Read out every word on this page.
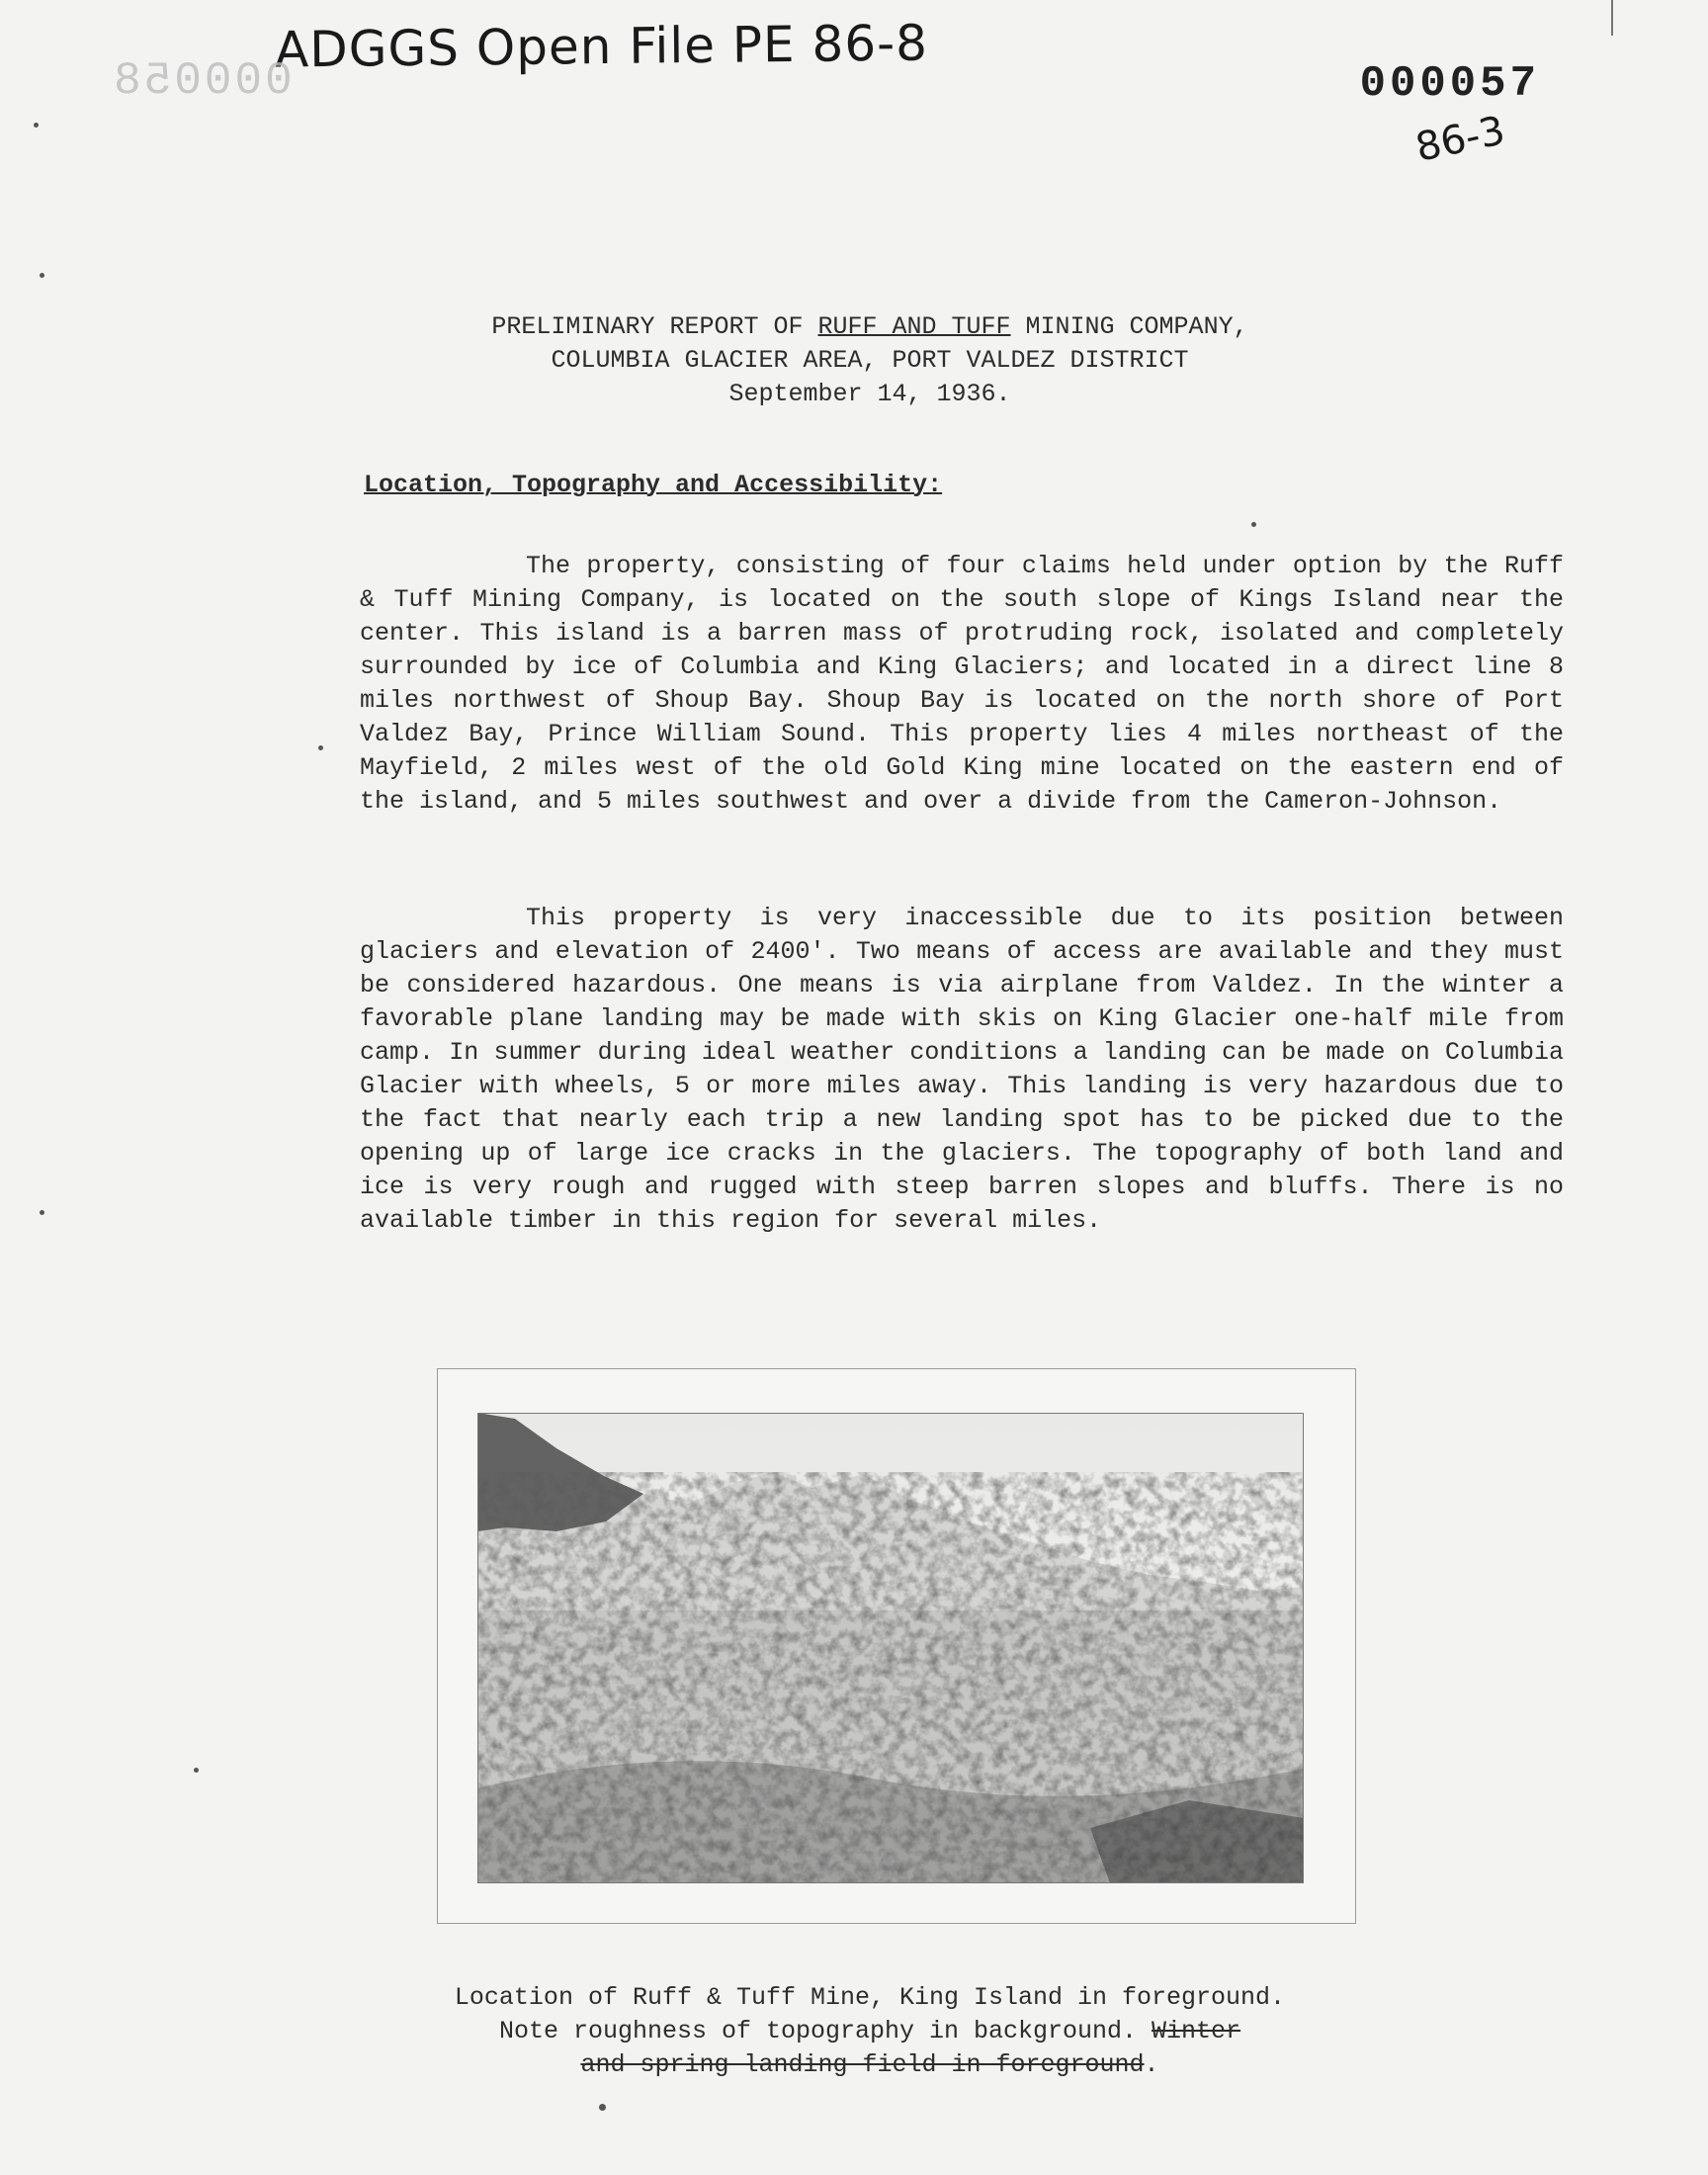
ADGGS Open File PE 86-8
000058	000057
86-3
PRELIMINARY REPORT OF RUFF AND TUFF MINING COMPANY,
COLUMBIA GLACIER AREA, PORT VALDEZ DISTRICT
September 14, 1936.
Location, Topography and Accessibility:

The property, consisting of four claims held under option by the Ruff & Tuff Mining Company, is located on the south slope of Kings Island near the center. This island is a barren mass of protruding rock, isolated and completely surrounded by ice of Columbia and King Glaciers; and located in a direct line 8 miles northwest of Shoup Bay. Shoup Bay is located on the north shore of Port Valdez Bay, Prince William Sound. This property lies 4 miles northeast of the Mayfield, 2 miles west of the old Gold King mine located on the eastern end of the island, and 5 miles southwest and over a divide from the Cameron-Johnson.

This property is very inaccessible due to its position between glaciers and elevation of 2400'. Two means of access are available and they must be considered hazardous. One means is via airplane from Valdez. In the winter a favorable plane landing may be made with skis on King Glacier one-half mile from camp. In summer during ideal weather conditions a landing can be made on Columbia Glacier with wheels, 5 or more miles away. This landing is very hazardous due to the fact that nearly each trip a new landing spot has to be picked due to the opening up of large ice cracks in the glaciers. The topography of both land and ice is very rough and rugged with steep barren slopes and bluffs. There is no available timber in this region for several miles.

Location of Ruff & Tuff Mine, King Island in foreground.
Note roughness of topography in background. Winter
and spring landing field in foreground.
